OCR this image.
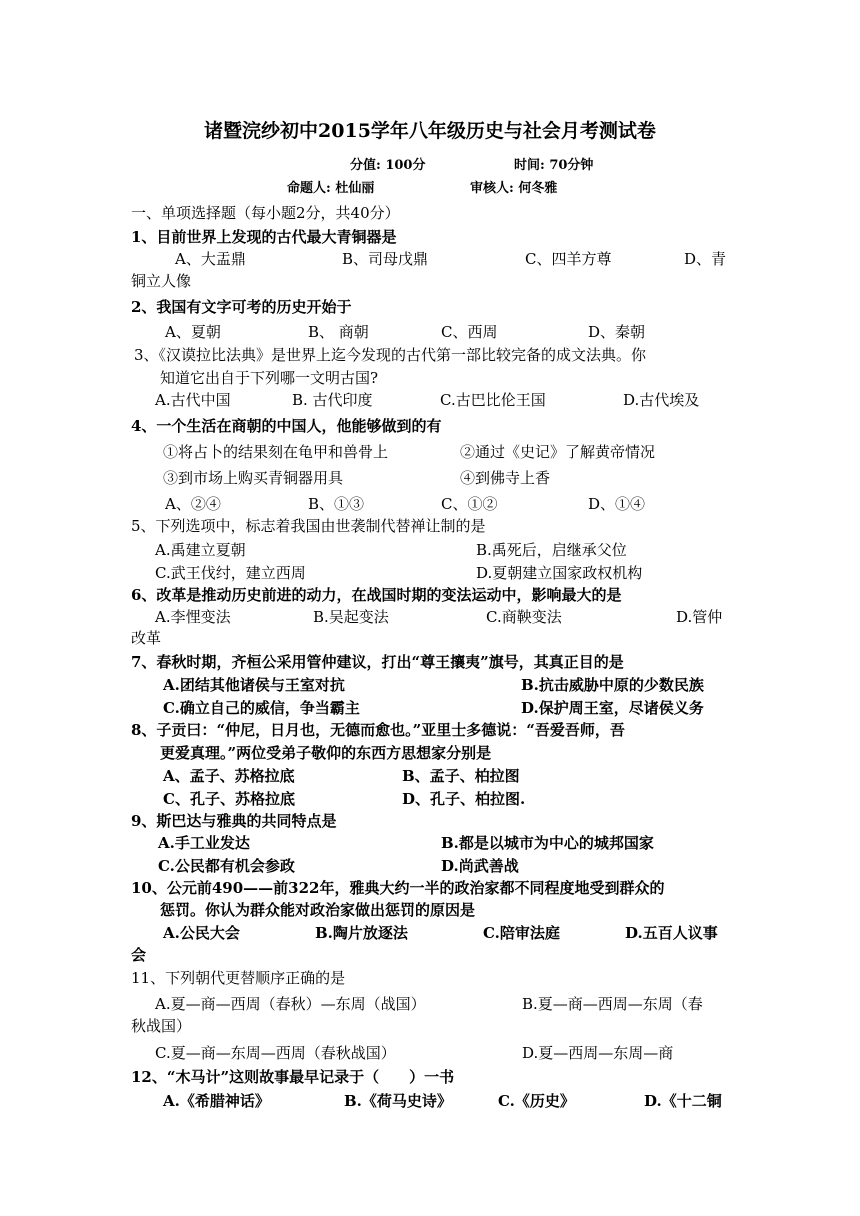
诸暨浣纱初中2015学年八年级历史与社会月考测试卷
分值: 100分	时间: 70分钟
命题人: 杜仙丽	审核人: 何冬雅
一、单项选择题（每小题2分，共40分）
1、目前世界上发现的古代最大青铜器是
A、大盂鼎	B、司母戊鼎	C、四羊方尊	D、青
铜立人像
2、我国有文字可考的历史开始于
A、夏朝	B、 商朝	C、西周	D、秦朝
3、《汉谟拉比法典》是世界上迄今发现的古代第一部比较完备的成文法典。你
知道它出自于下列哪一文明古国?
A.古代中国	B. 古代印度	C.古巴比伦王国	D.古代埃及
4、一个生活在商朝的中国人，他能够做到的有
①将占卜的结果刻在龟甲和兽骨上	②通过《史记》了解黄帝情况
③到市场上购买青铜器用具	④到佛寺上香
A、②④	B、①③	C、①②	D、①④
5、下列选项中，标志着我国由世袭制代替禅让制的是
A.禹建立夏朝	B.禹死后，启继承父位
C.武王伐纣，建立西周	D.夏朝建立国家政权机构
6、改革是推动历史前进的动力，在战国时期的变法运动中，影响最大的是
A.李悝变法	B.吴起变法	C.商鞅变法	D.管仲
改革
7、春秋时期，齐桓公采用管仲建议，打出“尊王攘夷”旗号，其真正目的是
A.团结其他诸侯与王室对抗	B.抗击威胁中原的少数民族
C.确立自己的威信，争当霸主	D.保护周王室，尽诸侯义务
8、子贡曰：“仲尼，日月也，无德而愈也。”亚里士多德说：“吾爱吾师，吾
更爱真理。”两位受弟子敬仰的东西方思想家分别是
A、孟子、苏格拉底	B、孟子、柏拉图
C、孔子、苏格拉底	D、孔子、柏拉图.
9、斯巴达与雅典的共同特点是
A.手工业发达	B.都是以城市为中心的城邦国家
C.公民都有机会参政	D.尚武善战
10、公元前490——前322年，雅典大约一半的政治家都不同程度地受到群众的
惩罚。你认为群众能对政治家做出惩罚的原因是
A.公民大会	B.陶片放逐法	C.陪审法庭	D.五百人议事
会
11、下列朝代更替顺序正确的是
A.夏—商—西周（春秋）—东周（战国）	B.夏—商—西周—东周（春
秋战国）
C.夏—商—东周—西周（春秋战国）	D.夏—西周—东周—商
12、“木马计”这则故事最早记录于（　　）一书
A.《希腊神话》	B.《荷马史诗》	C.《历史》	D.《十二铜
